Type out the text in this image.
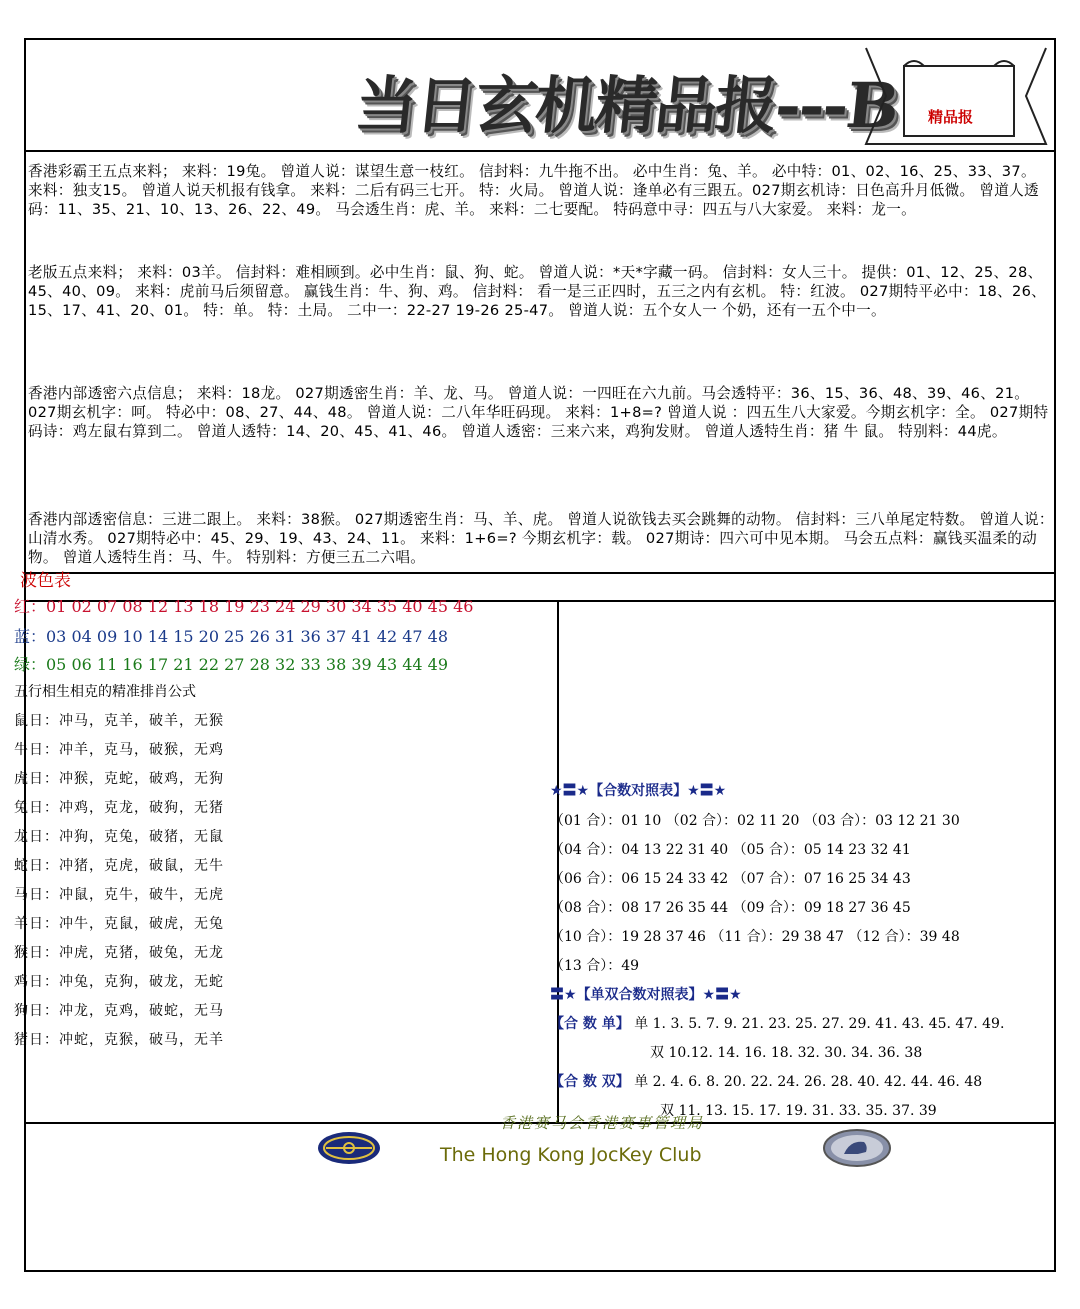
当日玄机精品报---B 精品报

香港彩霸王五点来料； 来料：19兔。 曾道人说：谋望生意一枝红。 信封料：九牛拖不出。 必中生肖：兔、羊。 必中特：01、02、16、25、33、37。 来料：独支15。 曾道人说天机报有钱拿。 来料：二后有码三七开。 特：火局。 曾道人说：逢单必有三跟五。027期玄机诗：日色高升月低微。 曾道人透码：11、35、21、10、13、26、22、49。 马会透生肖：虎、羊。 来料：二七要配。 特码意中寻：四五与八大家爱。 来料：龙一。

老版五点来料； 来料：03羊。 信封料：难相顾到。必中生肖：鼠、狗、蛇。 曾道人说：*天*字藏一码。 信封料：女人三十。 提供：01、12、25、28、45、40、09。 来料：虎前马后须留意。 赢钱生肖：牛、狗、鸡。 信封料： 看一是三正四时，五三之内有玄机。 特：红波。 027期特平必中：18、26、15、17、41、20、01。 特：单。 特：土局。 二中一：22-27 19-26 25-47。 曾道人说：五个女人一 个奶，还有一五个中一。

香港内部透密六点信息； 来料：18龙。 027期透密生肖：羊、龙、马。 曾道人说：一四旺在六九前。马会透特平：36、15、36、48、39、46、21。 027期玄机字：呵。 特必中：08、27、44、48。 曾道人说：二八年华旺码现。 来料：1+8=? 曾道人说 ：四五生八大家爱。今期玄机字：全。 027期特码诗：鸡左鼠右算到二。 曾道人透特：14、20、45、41、46。 曾道人透密：三来六来，鸡狗发财。 曾道人透特生肖：猪 牛 鼠。 特别料：44虎。

香港内部透密信息：三进二跟上。 来料：38猴。 027期透密生肖：马、羊、虎。 曾道人说欲钱去买会跳舞的动物。 信封料：三八单尾定特数。 曾道人说：山清水秀。 027期特必中：45、29、19、43、24、11。 来料：1+6=? 今期玄机字：载。 027期诗：四六可中见本期。 马会五点料：赢钱买温柔的动物。 曾道人透特生肖：马、牛。 特别料：方便三五二六唱。

波色表
红：01 02 07 08 12 13 18 19 23 24 29 30 34 35 40 45 46
蓝：03 04 09 10 14 15 20 25 26 31 36 37 41 42 47 48
绿：05 06 11 16 17 21 22 27 28 32 33 38 39 43 44 49
五行相生相克的精准排肖公式
鼠日：冲马，克羊，破羊，无猴
牛日：冲羊，克马，破猴，无鸡
虎日：冲猴，克蛇，破鸡，无狗
兔日：冲鸡，克龙，破狗，无猪
龙日：冲狗，克兔，破猪，无鼠
蛇日：冲猪，克虎，破鼠，无牛
马日：冲鼠，克牛，破牛，无虎
羊日：冲牛，克鼠，破虎，无兔
猴日：冲虎，克猪，破兔，无龙
鸡日：冲兔，克狗，破龙，无蛇
狗日：冲龙，克鸡，破蛇，无马
猪日：冲蛇，克猴，破马，无羊
★〓★【合数对照表】★〓★
（01 合）：01 10 （02 合）：02 11 20 （03 合）：03 12 21 30
（04 合）：04 13 22 31 40 （05 合）：05 14 23 32 41
（06 合）：06 15 24 33 42 （07 合）：07 16 25 34 43
（08 合）：08 17 26 35 44 （09 合）：09 18 27 36 45
（10 合）：19 28 37 46 （11 合）：29 38 47 （12 合）：39 48
（13 合）：49
〓★【单双合数对照表】★〓★
【合 数 单】 单 1. 3. 5. 7. 9. 21. 23. 25. 27. 29. 41. 43. 45. 47. 49.
双 10.12. 14. 16. 18. 32. 30. 34. 36. 38
【合 数 双】 单 2. 4. 6. 8. 20. 22. 24. 26. 28. 40. 42. 44. 46. 48
双 11. 13. 15. 17. 19. 31. 33. 35. 37. 39
香港赛马会香港赛事管理局
The Hong Kong JocKey Club
